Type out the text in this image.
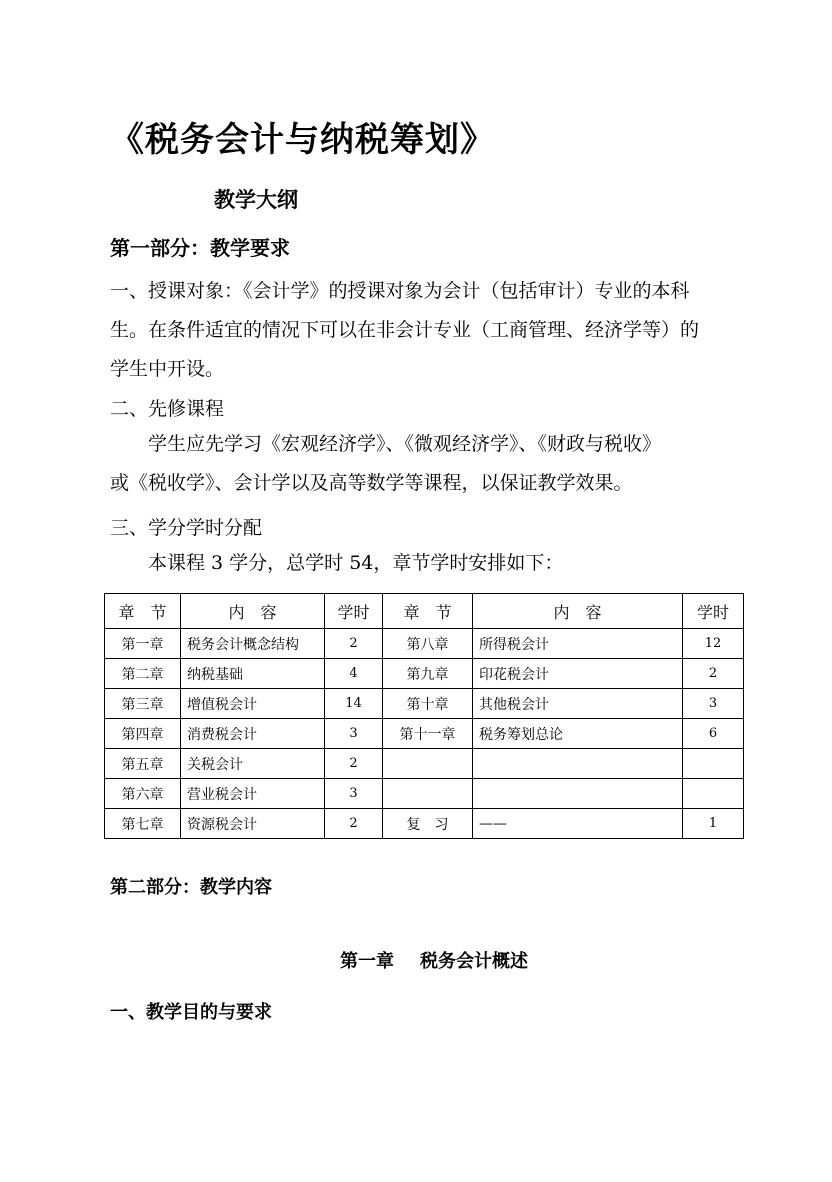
《税务会计与纳税筹划》
教学大纲
第一部分：教学要求
一、授课对象：《会计学》的授课对象为会计（包括审计）专业的本科
生。在条件适宜的情况下可以在非会计专业（工商管理、经济学等）的
学生中开设。
二、先修课程
学生应先学习《宏观经济学》、《微观经济学》、《财政与税收》
或《税收学》、会计学以及高等数学等课程，以保证教学效果。
三、学分学时分配
本课程 3 学分，总学时 54，章节学时安排如下：
章　节	内　容	学时	章　节	内　容	学时
第一章	税务会计概念结构	2	第八章	所得税会计	12
第二章	纳税基础	4	第九章	印花税会计	2
第三章	增值税会计	14	第十章	其他税会计	3
第四章	消费税会计	3	第十一章	税务筹划总论	6
第五章	关税会计	2			
第六章	营业税会计	3			
第七章	资源税会计	2	复　习	——	1
第二部分：教学内容
第一章 税务会计概述
一、教学目的与要求
